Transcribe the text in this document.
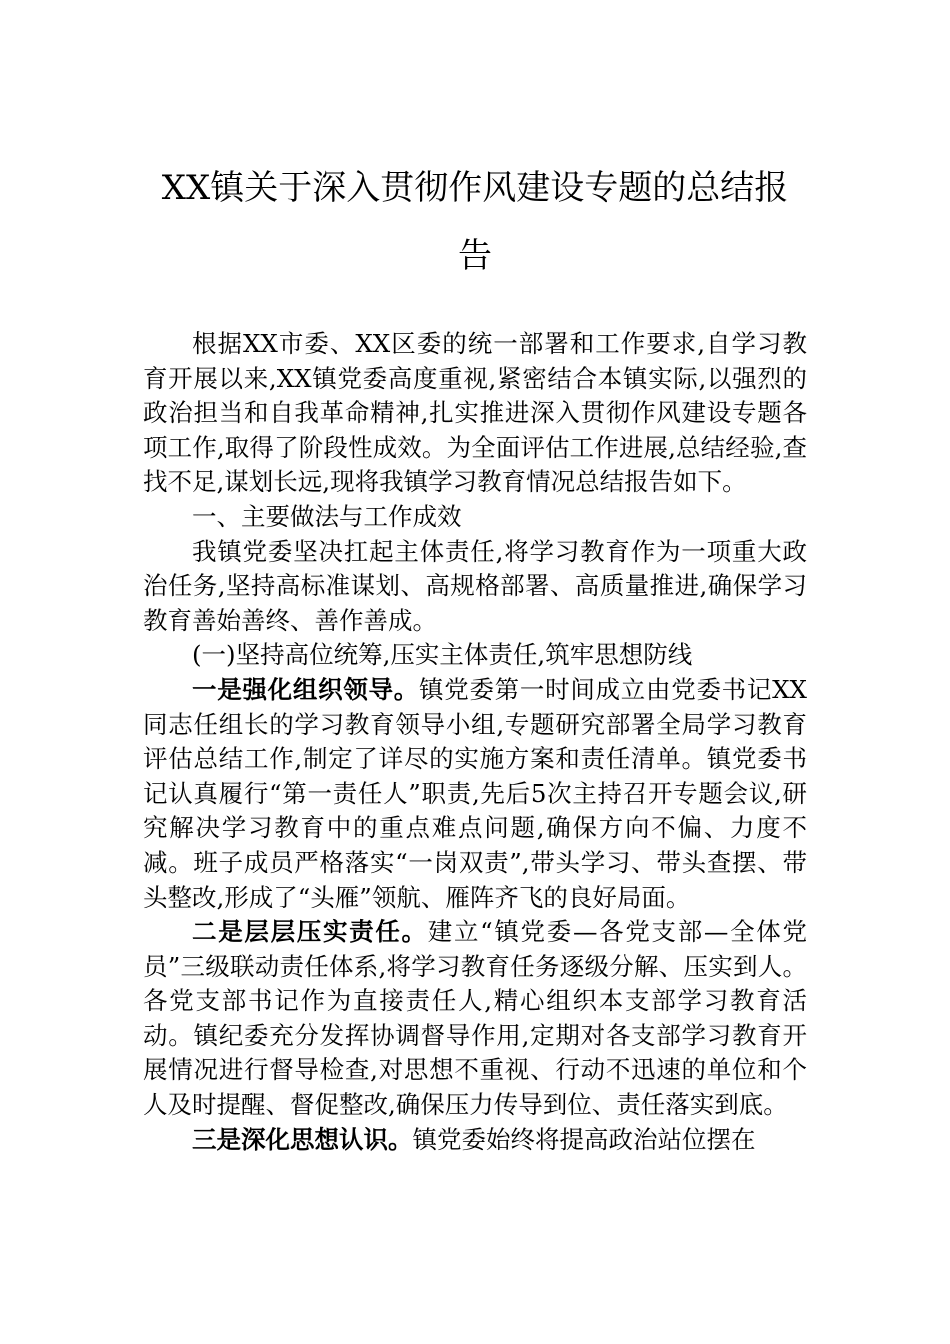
XX镇关于深入贯彻作风建设专题的总结报
告

根据XX市委、XX区委的统一部署和工作要求,自学习教育开展以来,XX镇党委高度重视,紧密结合本镇实际,以强烈的政治担当和自我革命精神,扎实推进深入贯彻作风建设专题各项工作,取得了阶段性成效。为全面评估工作进展,总结经验,查找不足,谋划长远,现将我镇学习教育情况总结报告如下。

一、主要做法与工作成效

我镇党委坚决扛起主体责任,将学习教育作为一项重大政治任务,坚持高标准谋划、高规格部署、高质量推进,确保学习教育善始善终、善作善成。

(一)坚持高位统筹,压实主体责任,筑牢思想防线

一是强化组织领导。镇党委第一时间成立由党委书记XX同志任组长的学习教育领导小组,专题研究部署全局学习教育评估总结工作,制定了详尽的实施方案和责任清单。镇党委书记认真履行“第一责任人”职责,先后5次主持召开专题会议,研究解决学习教育中的重点难点问题,确保方向不偏、力度不减。班子成员严格落实“一岗双责”,带头学习、带头查摆、带头整改,形成了“头雁”领航、雁阵齐飞的良好局面。

二是层层压实责任。建立“镇党委—各党支部—全体党员”三级联动责任体系,将学习教育任务逐级分解、压实到人。各党支部书记作为直接责任人,精心组织本支部学习教育活动。镇纪委充分发挥协调督导作用,定期对各支部学习教育开展情况进行督导检查,对思想不重视、行动不迅速的单位和个人及时提醒、督促整改,确保压力传导到位、责任落实到底。

三是深化思想认识。镇党委始终将提高政治站位摆在
